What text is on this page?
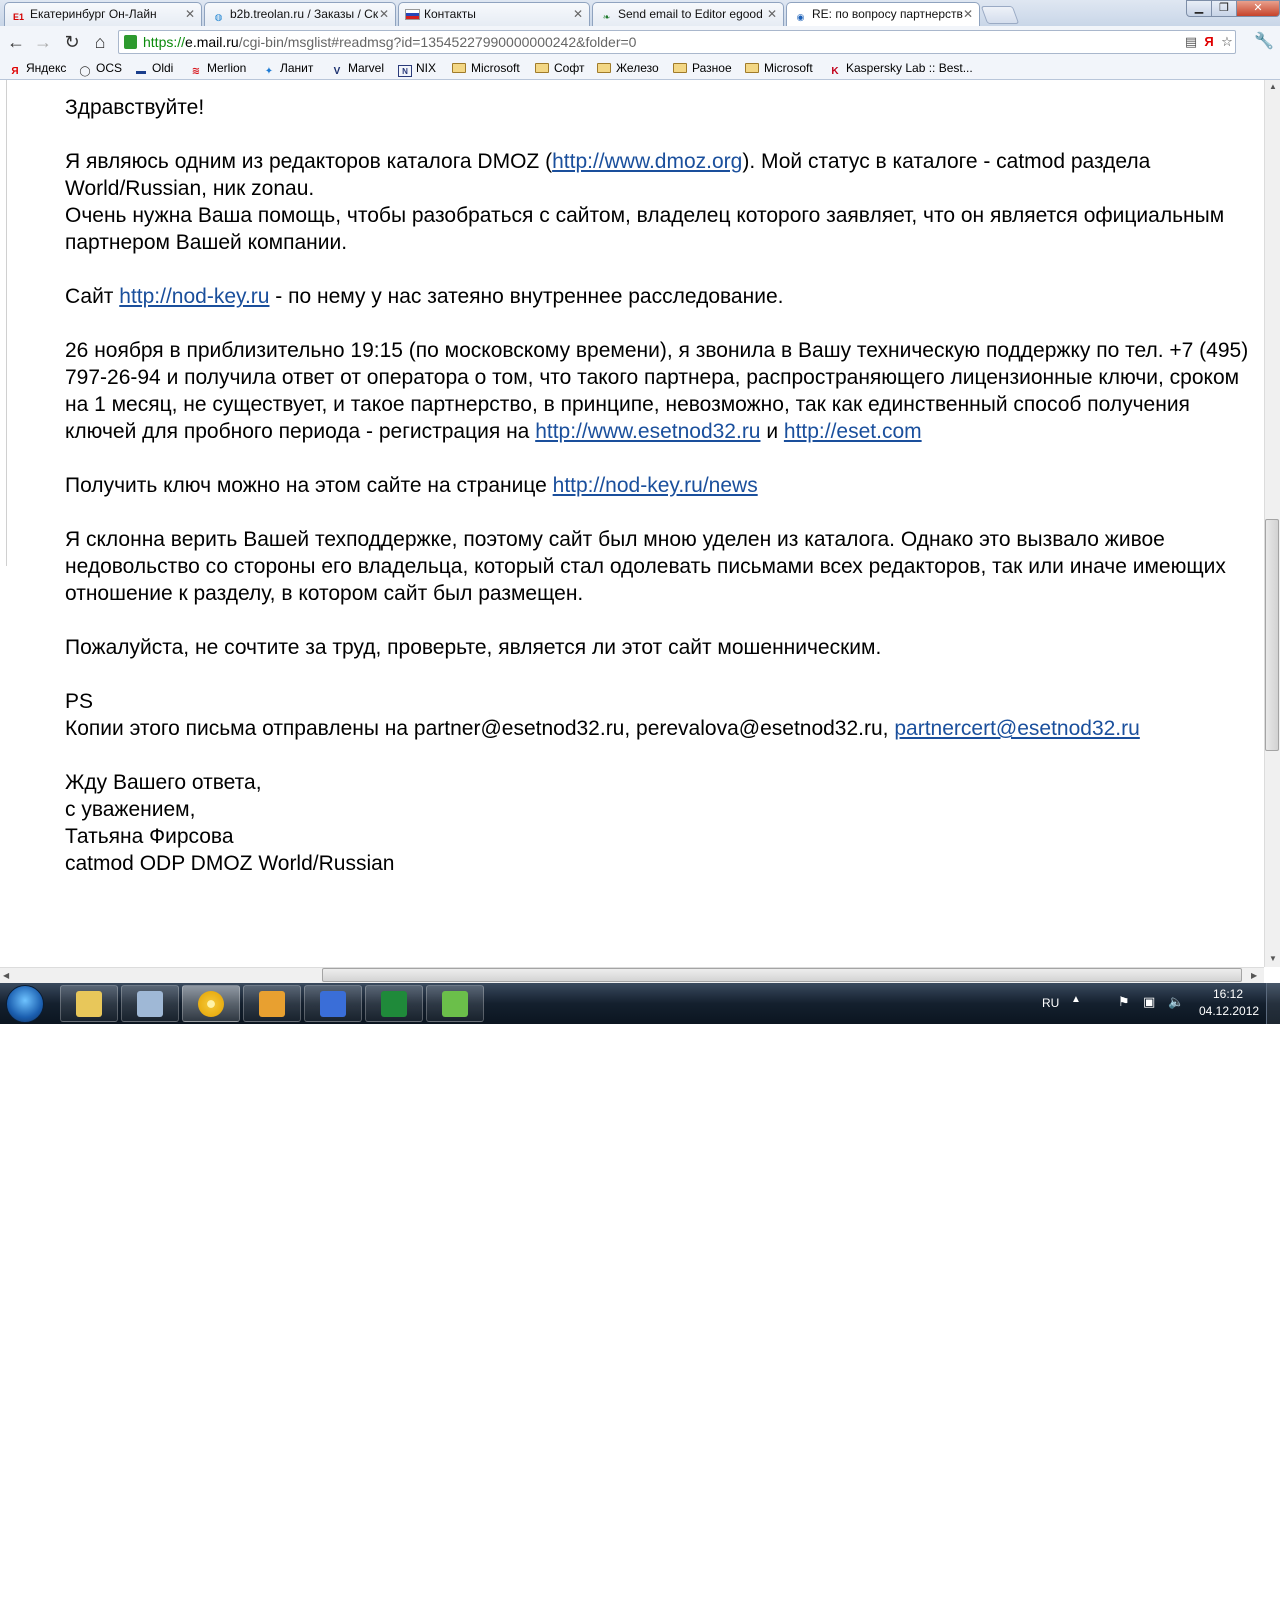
E1 Екатеринбург Он-Лайн ✕	◍ b2b.treolan.ru / Заказы / Ск ✕	Контакты	✕	❧ Send email to Editor egood ✕	◉ RE: по вопросу партнерств ✕	▁	❐	✕
← → ↻ ⌂	https://e.mail.ru/cgi-bin/msglist#readmsg?id=13545227990000000242&folder=0	▤ Я ☆ 🔧
Я Яндекс ◯ OCS ▬ Oldi ≋ Merlion ✦ Ланит	V Marvel	N NIX	Microsoft	Софт	Железо	Разное	Microsoft	K Kaspersky Lab :: Best...

Здравствуйте!

Я являюсь одним из редакторов каталога DMOZ (http://www.dmoz.org). Мой статус в каталоге - catmod раздела World/Russian, ник zonau.
Очень нужна Ваша помощь, чтобы разобраться с сайтом, владелец которого заявляет, что он является официальным партнером Вашей компании.

Сайт http://nod-key.ru - по нему у нас затеяно внутреннее расследование.

26 ноября в приблизительно 19:15 (по московскому времени), я звонила в Вашу техническую поддержку по тел. +7 (495) 797-26-94 и получила ответ от оператора о том, что такого партнера, распространяющего лицензионные ключи, сроком на 1 месяц, не существует, и такое партнерство, в принципе, невозможно, так как единственный способ получения ключей для пробного периода - регистрация на http://www.esetnod32.ru и http://eset.com

Получить ключ можно на этом сайте на странице http://nod-key.ru/news

Я склонна верить Вашей техподдержке, поэтому сайт был мною уделен из каталога. Однако это вызвало живое недовольство со стороны его владельца, который стал одолевать письмами всех редакторов, так или иначе имеющих отношение к разделу, в котором сайт был размещен.

Пожалуйста, не сочтите за труд, проверьте, является ли этот сайт мошенническим.

PS
Копии этого письма отправлены на partner@esetnod32.ru, perevalova@esetnod32.ru, partnercert@esetnod32.ru

Жду Вашего ответа,
с уважением,
Татьяна Фирсова
catmod ODP DMOZ World/Russian

▲
▼
◀	▶
RU ▲	⚑ ▣ 🔈 16:12
04.12.2012
